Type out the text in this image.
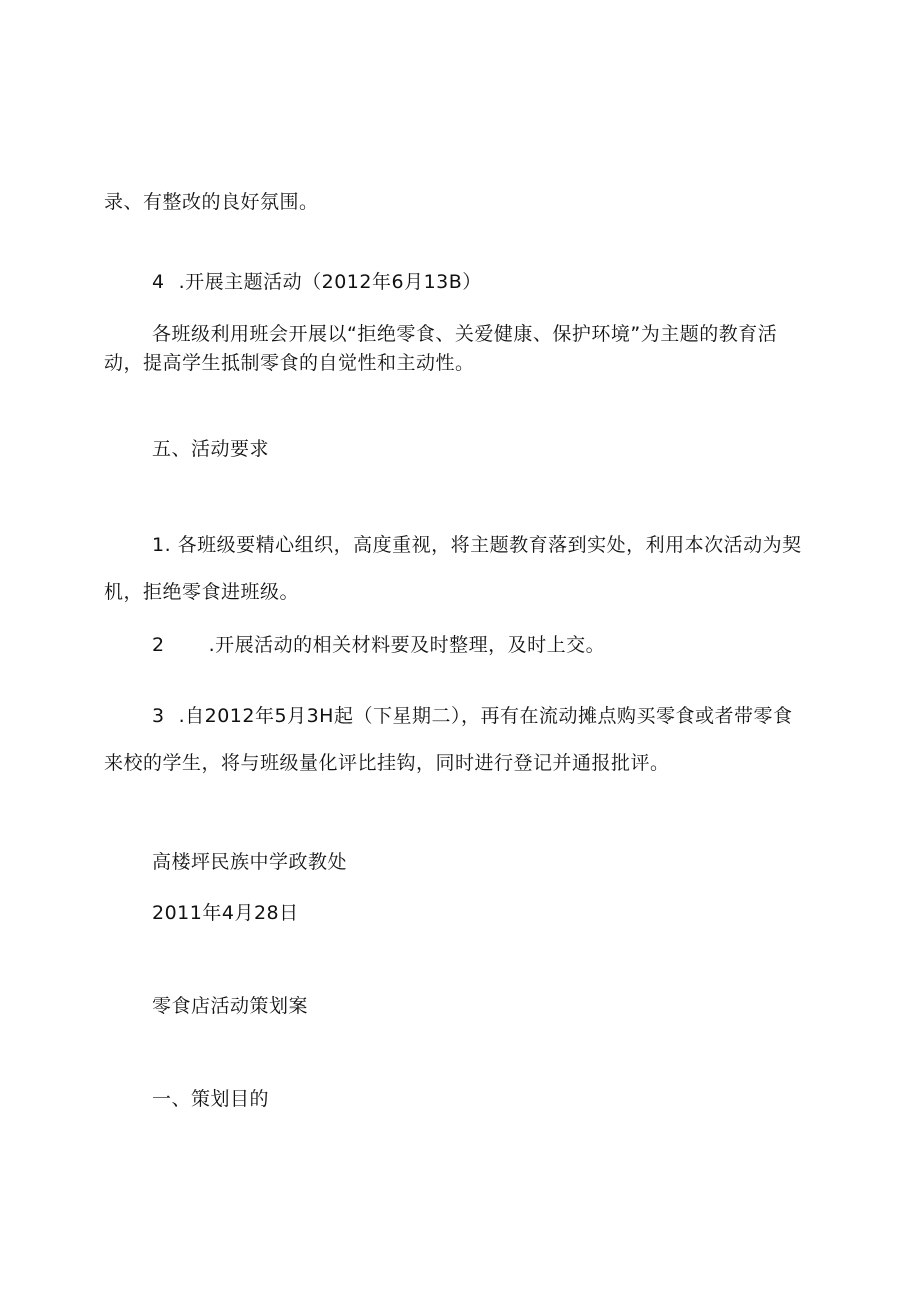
录、有整改的良好氛围。
4 .开展主题活动（2012年6月13B）
各班级利用班会开展以“拒绝零食、关爱健康、保护环境”为主题的教育活
动，提高学生抵制零食的自觉性和主动性。
五、活动要求
1. 各班级要精心组织，高度重视，将主题教育落到实处，利用本次活动为契
机，拒绝零食进班级。
2 .开展活动的相关材料要及时整理，及时上交。
3 .自2012年5月3H起（下星期二），再有在流动摊点购买零食或者带零食
来校的学生，将与班级量化评比挂钩，同时进行登记并通报批评。
高楼坪民族中学政教处
2011年4月28日
零食店活动策划案
一、策划目的
